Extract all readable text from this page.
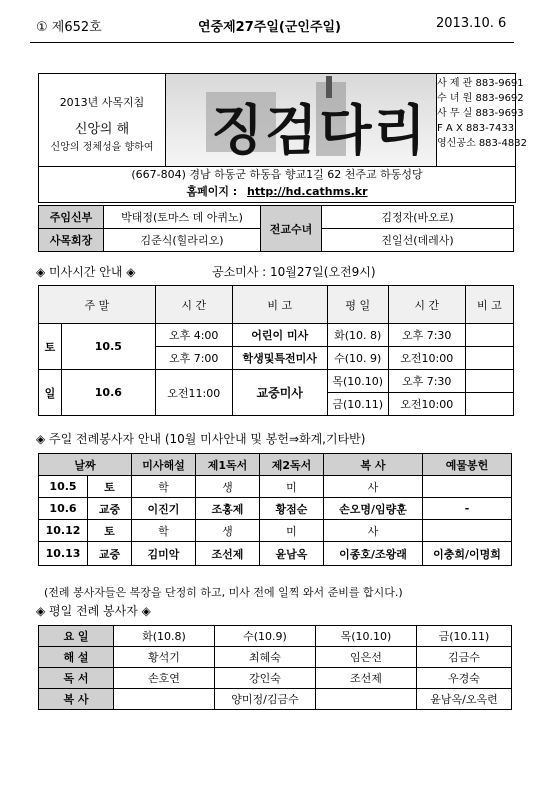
① 제652호	연중제27주일(군인주일)	2013.10. 6
2013년 사목지침
신앙의 해
신앙의 정체성을 향하여 징검다리
사 제 관 883-9691
수 녀 원 883-9692
사 무 실 883-9693
F A X 883-7433
영신공소 883-4832
(667-804) 경남 하동군 하동읍 향교1길 62 천주교 하동성당
홈페이지 : http://hd.cathms.kr
주임신부	박태정(토마스 데 아퀴노)	전교수녀	김정자(바오로)
사목회장	김준식(힐라리오)		진일선(데레사)
◈ 미사시간 안내 ◈	공소미사 : 10월27일(오전9시)
주 말		시 간	비 고	평 일	시 간	비 고
토	10.5	오후 4:00	어린이 미사	화(10. 8)	오후 7:30	
		오후 7:00	학생및특전미사	수(10. 9)	오전10:00	
일	10.6	오전11:00	교중미사	목(10.10)	오후 7:30	
				금(10.11)	오전10:00	
◈ 주일 전례봉사자 안내 (10월 미사안내 및 봉헌⇒화계,기타반)
날짜		미사해설	제1독서	제2독서	복 사	예물봉헌
10.5	토	학	생	미	사	
10.6	교중	이진기	조홍제	황점순	손오명/임량훈	-
10.12	토	학	생	미	사	
10.13	교중	김미악	조선제	윤남옥	이종호/조왕래	이충희/이명희
(전례 봉사자들은 복장을 단정히 하고, 미사 전에 일찍 와서 준비를 합시다.)
◈ 평일 전례 봉사자 ◈
요 일	화(10.8)	수(10.9)	목(10.10)	금(10.11)
해 설	황석기	최혜숙	임은선	김금수
독 서	손호연	강인숙	조선제	우경숙
복 사		양미정/김금수		윤남옥/오옥련
